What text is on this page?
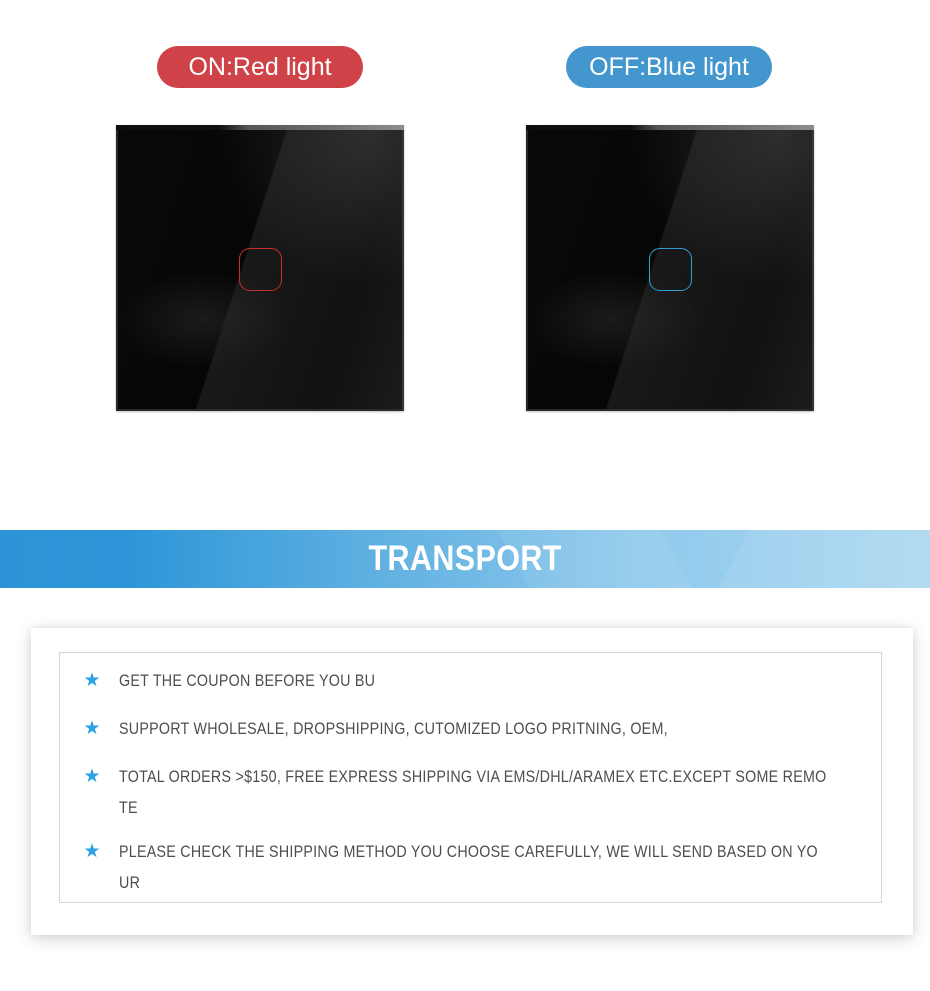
ON:Red light	OFF:Blue light
TRANSPORT
★ GET THE COUPON BEFORE YOU BU
★ SUPPORT WHOLESALE, DROPSHIPPING, CUTOMIZED LOGO PRITNING, OEM,
★ TOTAL ORDERS >$150, FREE EXPRESS SHIPPING VIA EMS/DHL/ARAMEX ETC.EXCEPT SOME REMO
TE
★ PLEASE CHECK THE SHIPPING METHOD YOU CHOOSE CAREFULLY, WE WILL SEND BASED ON YO
UR
